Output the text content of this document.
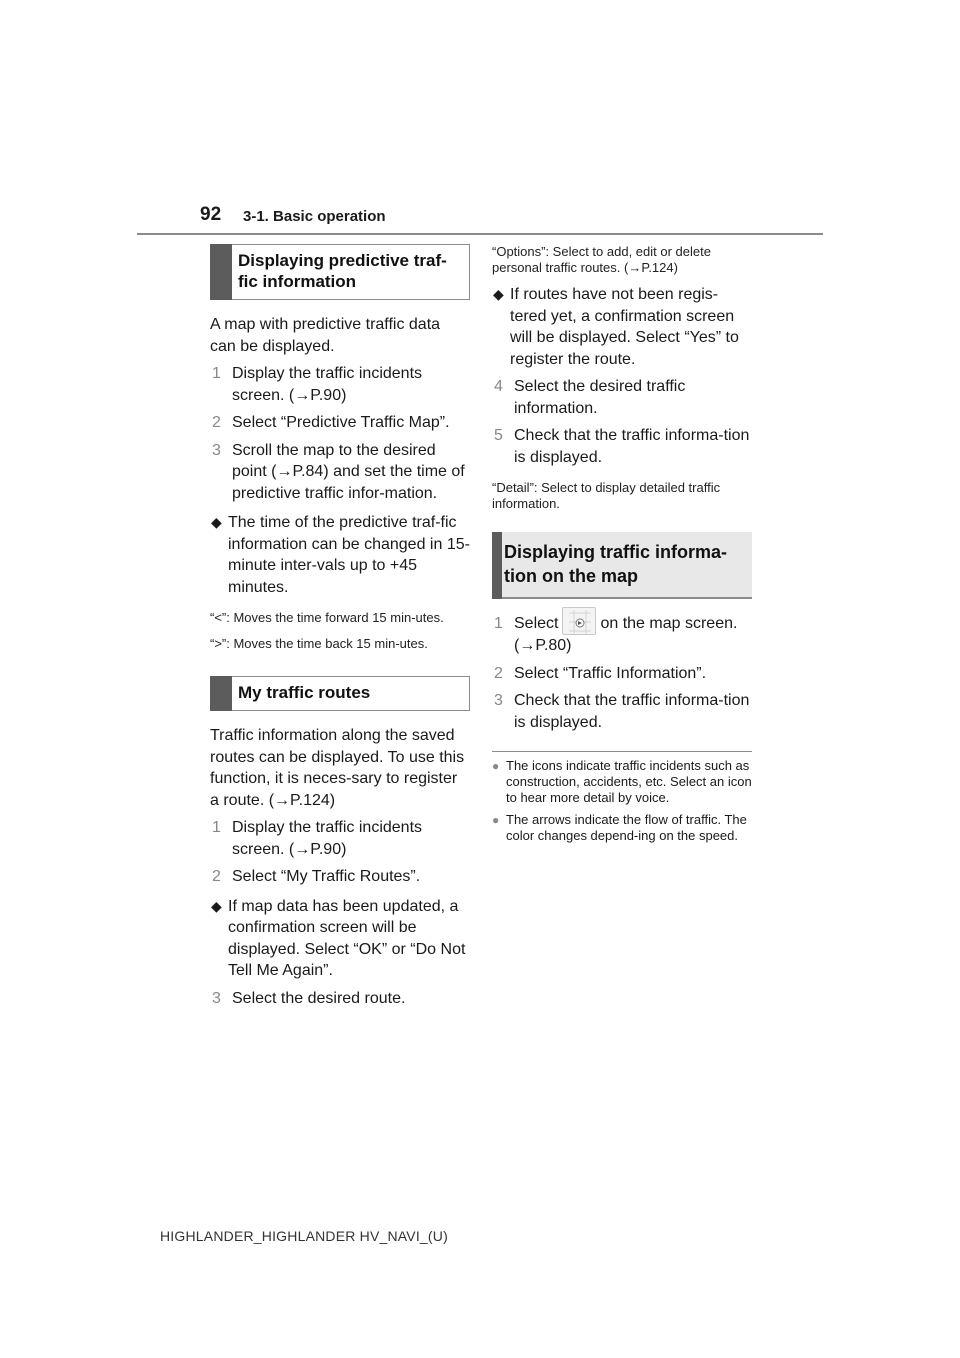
92 3-1. Basic operation
Displaying predictive traf-fic information

A map with predictive traffic data can be displayed.

1 Display the traffic incidents screen. (→P.90)

2 Select “Predictive Traffic Map”.

3 Scroll the map to the desired point (→P.84) and set the time of predictive traffic infor-mation.

◆ The time of the predictive traf-fic information can be changed in 15-minute inter-vals up to +45 minutes.

“<”: Moves the time forward 15 min-utes.

“>”: Moves the time back 15 min-utes.

My traffic routes

Traffic information along the saved routes can be displayed. To use this function, it is neces-sary to register a route. (→P.124)

1 Display the traffic incidents screen. (→P.90)

2 Select “My Traffic Routes”.

◆ If map data has been updated, a confirmation screen will be displayed. Select “OK” or “Do Not Tell Me Again”.

3 Select the desired route.

“Options”: Select to add, edit or delete personal traffic routes. (→P.124)

◆ If routes have not been regis-tered yet, a confirmation screen will be displayed. Select “Yes” to register the route.

4 Select the desired traffic information.

5 Check that the traffic informa-tion is displayed.

“Detail”: Select to display detailed traffic information.

Displaying traffic informa-tion on the map

1 Select	on the map screen. (→P.80)

2 Select “Traffic Information”.

3 Check that the traffic informa-tion is displayed.

● The icons indicate traffic incidents such as construction, accidents, etc. Select an icon to hear more detail by voice.

● The arrows indicate the flow of traffic. The color changes depend-ing on the speed.

HIGHLANDER_HIGHLANDER HV_NAVI_(U)
